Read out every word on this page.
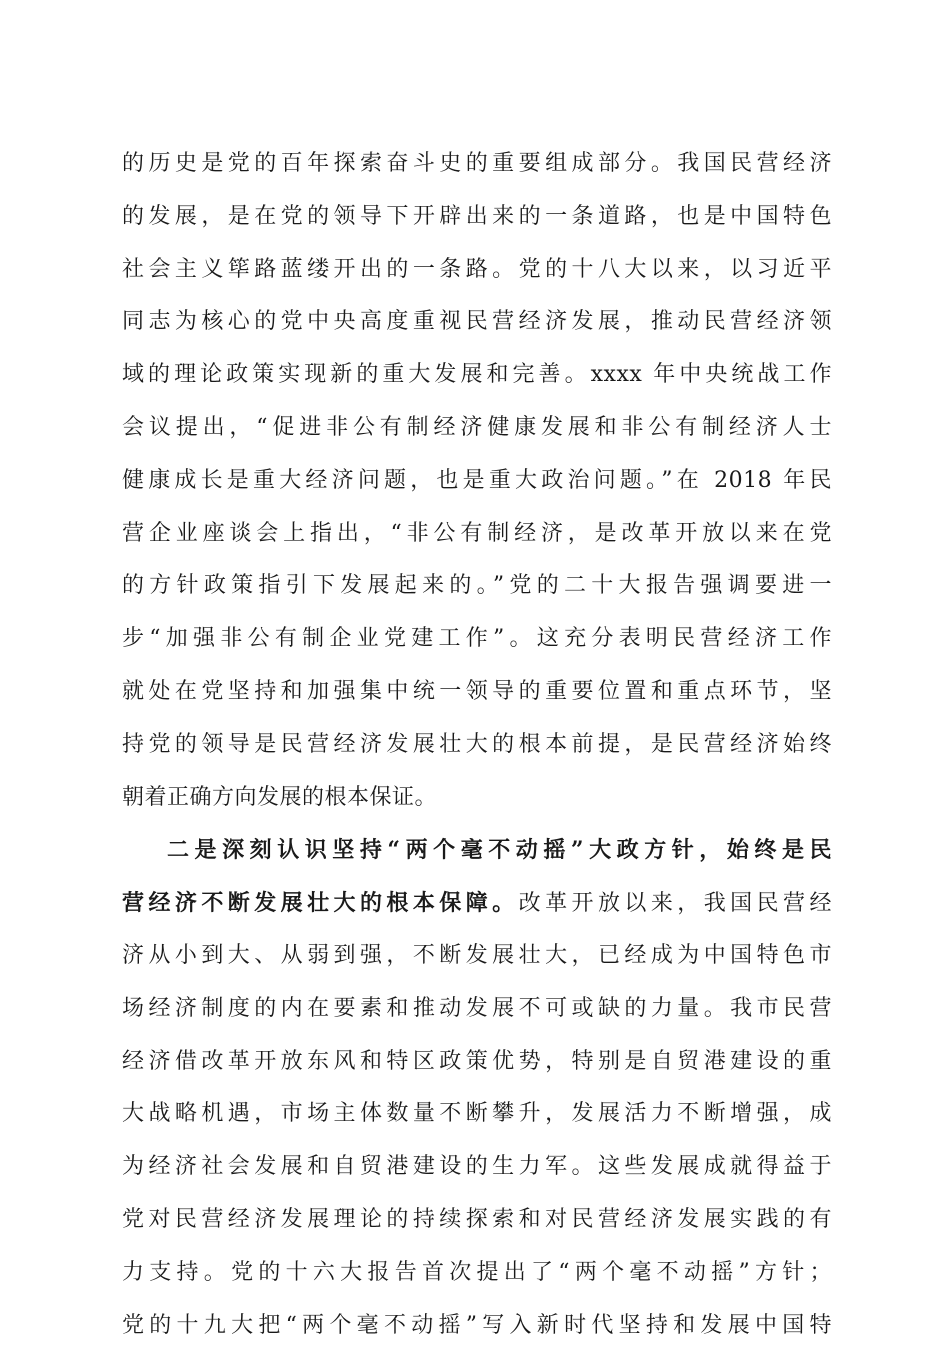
的历史是党的百年探索奋斗史的重要组成部分。我国民营经济
的发展，是在党的领导下开辟出来的一条道路，也是中国特色
社会主义筚路蓝缕开出的一条路。党的十八大以来，以习近平
同志为核心的党中央高度重视民营经济发展，推动民营经济领
域的理论政策实现新的重大发展和完善。xxxx 年中央统战工作
会议提出，“促进非公有制经济健康发展和非公有制经济人士
健康成长是重大经济问题，也是重大政治问题。”在 2018 年民
营企业座谈会上指出，“非公有制经济，是改革开放以来在党
的方针政策指引下发展起来的。”党的二十大报告强调要进一
步“加强非公有制企业党建工作”。这充分表明民营经济工作
就处在党坚持和加强集中统一领导的重要位置和重点环节，坚
持党的领导是民营经济发展壮大的根本前提，是民营经济始终
朝着正确方向发展的根本保证。
二是深刻认识坚持“两个毫不动摇”大政方针，始终是民
营经济不断发展壮大的根本保障。改革开放以来，我国民营经
济从小到大、从弱到强，不断发展壮大，已经成为中国特色市
场经济制度的内在要素和推动发展不可或缺的力量。我市民营
经济借改革开放东风和特区政策优势，特别是自贸港建设的重
大战略机遇，市场主体数量不断攀升，发展活力不断增强，成
为经济社会发展和自贸港建设的生力军。这些发展成就得益于
党对民营经济发展理论的持续探索和对民营经济发展实践的有
力支持。党的十六大报告首次提出了“两个毫不动摇”方针；
党的十九大把“两个毫不动摇”写入新时代坚持和发展中国特
